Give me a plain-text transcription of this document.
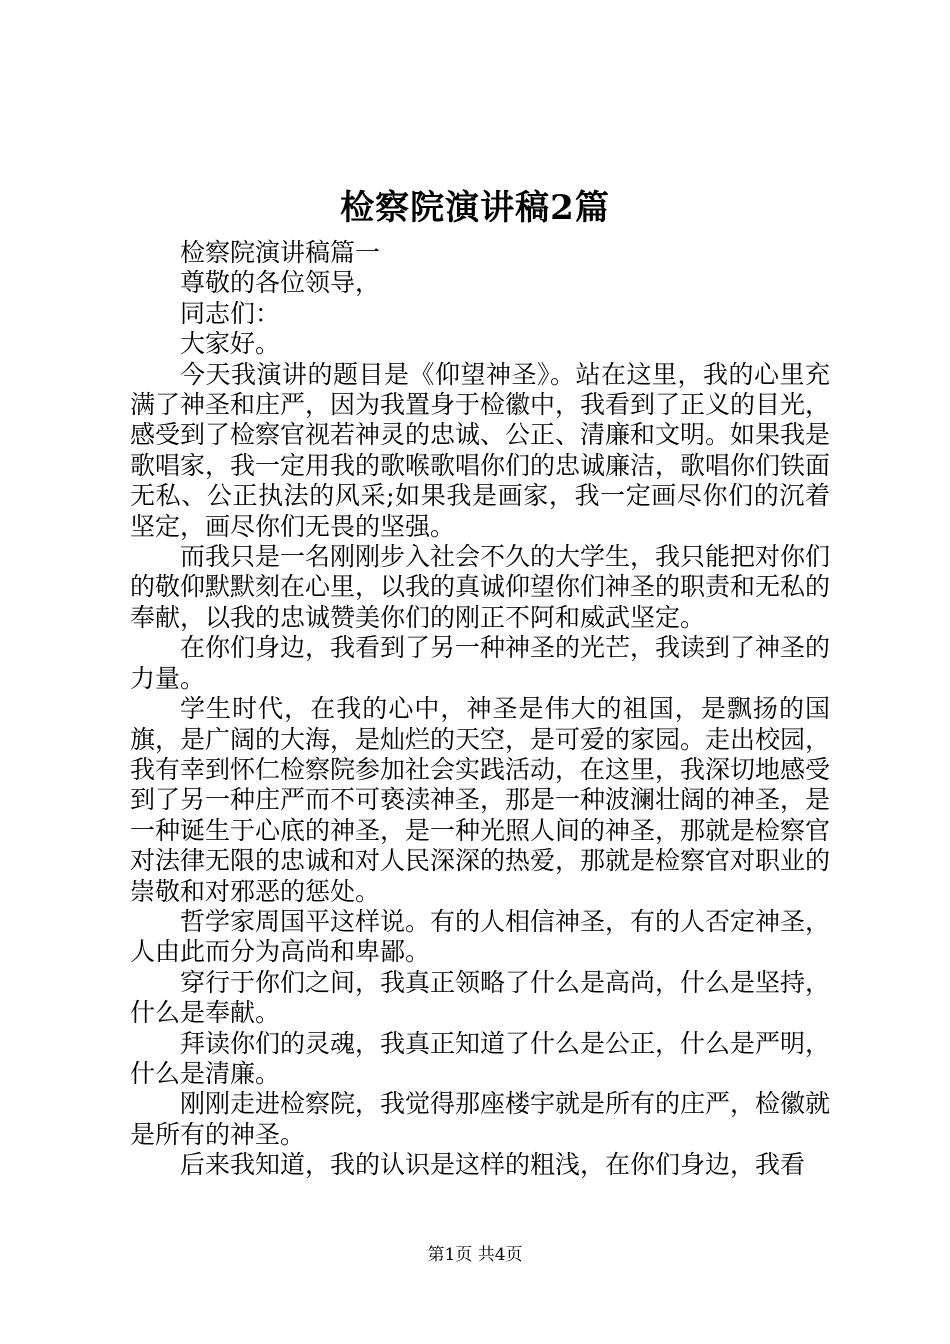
检察院演讲稿2篇

检察院演讲稿篇一

尊敬的各位领导，

同志们：

大家好。

今天我演讲的题目是《仰望神圣》。站在这里，我的心里充满了神圣和庄严，因为我置身于检徽中，我看到了正义的目光，感受到了检察官视若神灵的忠诚、公正、清廉和文明。如果我是歌唱家，我一定用我的歌喉歌唱你们的忠诚廉洁，歌唱你们铁面无私、公正执法的风采;如果我是画家，我一定画尽你们的沉着坚定，画尽你们无畏的坚强。

而我只是一名刚刚步入社会不久的大学生，我只能把对你们的敬仰默默刻在心里，以我的真诚仰望你们神圣的职责和无私的奉献，以我的忠诚赞美你们的刚正不阿和威武坚定。

在你们身边，我看到了另一种神圣的光芒，我读到了神圣的力量。

学生时代，在我的心中，神圣是伟大的祖国，是飘扬的国旗，是广阔的大海，是灿烂的天空，是可爱的家园。走出校园，我有幸到怀仁检察院参加社会实践活动，在这里，我深切地感受到了另一种庄严而不可亵渎神圣，那是一种波澜壮阔的神圣，是一种诞生于心底的神圣，是一种光照人间的神圣，那就是检察官对法律无限的忠诚和对人民深深的热爱，那就是检察官对职业的崇敬和对邪恶的惩处。

哲学家周国平这样说。有的人相信神圣，有的人否定神圣，人由此而分为高尚和卑鄙。

穿行于你们之间，我真正领略了什么是高尚，什么是坚持，什么是奉献。

拜读你们的灵魂，我真正知道了什么是公正，什么是严明，什么是清廉。

刚刚走进检察院，我觉得那座楼宇就是所有的庄严，检徽就是所有的神圣。

后来我知道，我的认识是这样的粗浅，在你们身边，我看

第1页 共4页
